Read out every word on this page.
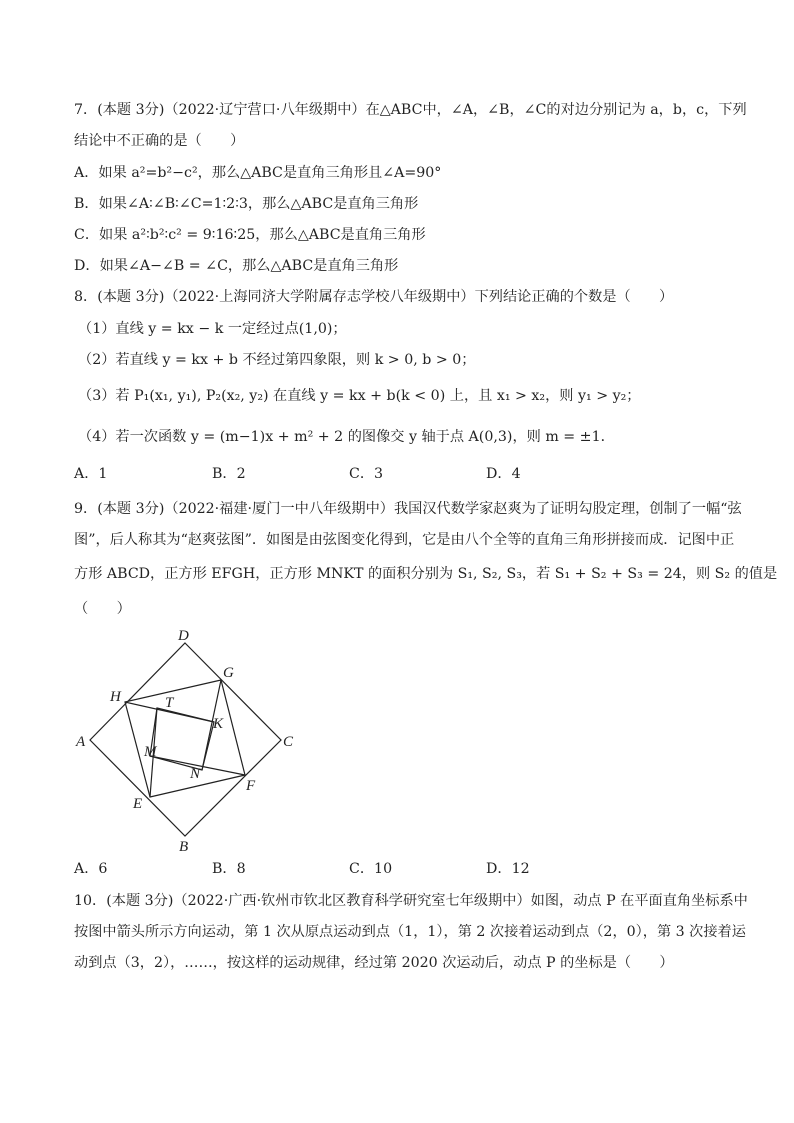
7．(本题 3分)（2022·辽宁营口·八年级期中）在△ABC中，∠A，∠B，∠C的对边分别记为 a，b，c，下列
结论中不正确的是（　　）
A．如果 a²=b²−c²，那么△ABC是直角三角形且∠A=90°
B．如果∠A∶∠B∶∠C=1∶2∶3，那么△ABC是直角三角形
C．如果 a²∶b²∶c² = 9∶16∶25，那么△ABC是直角三角形
D．如果∠A−∠B = ∠C，那么△ABC是直角三角形
8．(本题 3分)（2022·上海同济大学附属存志学校八年级期中）下列结论正确的个数是（　　）
（1）直线 y = kx − k 一定经过点(1,0)；
（2）若直线 y = kx + b 不经过第四象限，则 k > 0, b > 0；
（3）若 P₁(x₁, y₁), P₂(x₂, y₂) 在直线 y = kx + b(k < 0) 上，且 x₁ > x₂，则 y₁ > y₂；
（4）若一次函数 y = (m−1)x + m² + 2 的图像交 y 轴于点 A(0,3)，则 m = ±1．
A．1	B．2	C．3	D．4
9．(本题 3分)（2022·福建·厦门一中八年级期中）我国汉代数学家赵爽为了证明勾股定理，创制了一幅“弦
图”，后人称其为“赵爽弦图”．如图是由弦图变化得到，它是由八个全等的直角三角形拼接而成．记图中正
方形 ABCD，正方形 EFGH，正方形 MNKT 的面积分别为 S₁, S₂, S₃，若 S₁ + S₂ + S₃ = 24，则 S₂ 的值是
（　　）
D
G
H	T
K
A	C
M
N
E
F
B
A．6	B．8	C．10	D．12
10．(本题 3分)（2022·广西·钦州市钦北区教育科学研究室七年级期中）如图，动点 P 在平面直角坐标系中
按图中箭头所示方向运动，第 1 次从原点运动到点（1，1），第 2 次接着运动到点（2，0），第 3 次接着运
动到点（3，2），……，按这样的运动规律，经过第 2020 次运动后，动点 P 的坐标是（　　）
